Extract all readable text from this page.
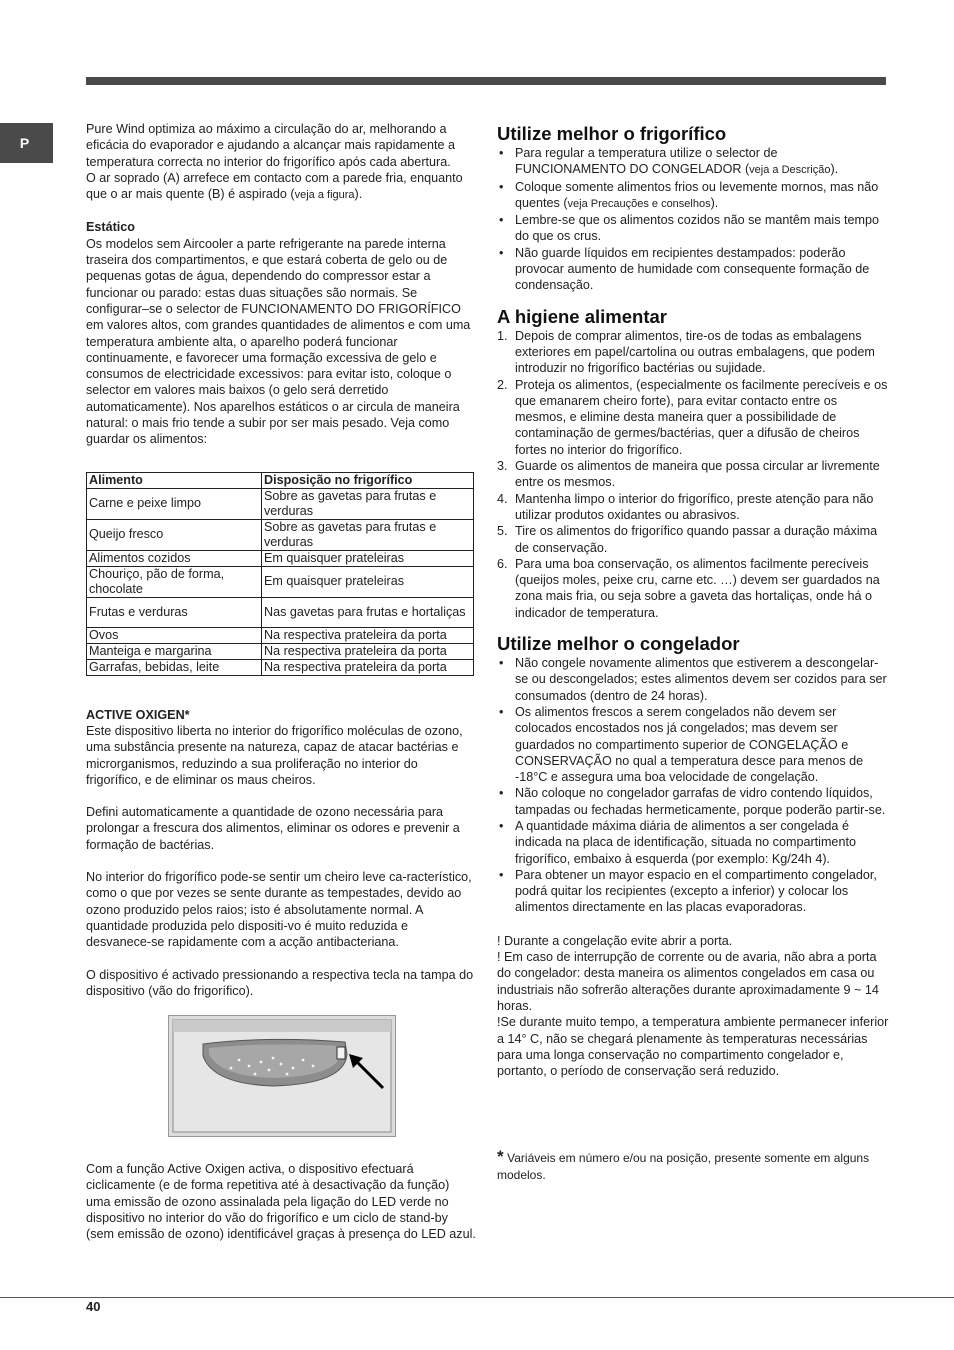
P

Pure Wind optimiza ao máximo a circulação do ar, melhorando a eficácia do evaporador e ajudando a alcançar mais rapidamente a temperatura correcta no interior do frigorífico após cada abertura.

O ar soprado (A) arrefece em contacto com a parede fria, enquanto que o ar mais quente (B) é aspirado (veja a figura).

Estático

Os modelos sem Aircooler a parte refrigerante na parede interna traseira dos compartimentos, e que estará coberta de gelo ou de pequenas gotas de água, dependendo do compressor estar a funcionar ou parado: estas duas situações são normais. Se configurar–se o selector de FUNCIONAMENTO DO FRIGORÍFICO em valores altos, com grandes quantidades de alimentos e com uma temperatura ambiente alta, o aparelho poderá funcionar continuamente, e favorecer uma formação excessiva de gelo e consumos de electricidade excessivos: para evitar isto, coloque o selector em valores mais baixos (o gelo será derretido automaticamente). Nos aparelhos estáticos o ar circula de maneira natural: o mais frio tende a subir por ser mais pesado. Veja como guardar os alimentos:

Alimento	Disposição no frigorífico
Carne e peixe limpo	Sobre as gavetas para frutas e verduras
Queijo fresco	Sobre as gavetas para frutas e verduras
Alimentos cozidos	Em quaisquer prateleiras
Chouriço, pão de forma, chocolate	Em quaisquer prateleiras
Frutas e verduras	Nas gavetas para frutas e hortaliças
Ovos	Na respectiva prateleira da porta
Manteiga e margarina	Na respectiva prateleira da porta
Garrafas, bebidas, leite	Na respectiva prateleira da porta

ACTIVE OXIGEN*

Este dispositivo liberta no interior do frigorífico moléculas de ozono, uma substância presente na natureza, capaz de atacar bactérias e microrganismos, reduzindo a sua proliferação no interior do frigorífico, e de eliminar os maus cheiros.

Defini automaticamente a quantidade de ozono necessária para prolongar a frescura dos alimentos, eliminar os odores e prevenir a formação de bactérias.

No interior do frigorífico pode-se sentir um cheiro leve ca-racterístico, como o que por vezes se sente durante as tempestades, devido ao ozono produzido pelos raios; isto é absolutamente normal. A quantidade produzida pelo dispositi-vo é muito reduzida e desvanece-se rapidamente com a acção antibacteriana.

O dispositivo é activado pressionando a respectiva tecla na tampa do dispositivo (vão do frigorífico).

Com a função Active Oxigen activa, o dispositivo efectuará ciclicamente (e de forma repetitiva até à desactivação da função) uma emissão de ozono assinalada pela ligação do LED verde no dispositivo no interior do vão do frigorífico e um ciclo de stand-by (sem emissão de ozono) identificável graças à presença do LED azul.

Utilize melhor o frigorífico
• Para regular a temperatura utilize o selector de FUNCIONAMENTO DO CONGELADOR (veja a Descrição).
• Coloque somente alimentos frios ou levemente mornos, mas não quentes (veja Precauções e conselhos).
• Lembre-se que os alimentos cozidos não se mantêm mais tempo do que os crus.
• Não guarde líquidos em recipientes destampados: poderão provocar aumento de humidade com consequente formação de condensação.
A higiene alimentar
1. Depois de comprar alimentos, tire-os de todas as embalagens exteriores em papel/cartolina ou outras embalagens, que podem introduzir no frigorífico bactérias ou sujidade.
2. Proteja os alimentos, (especialmente os facilmente perecíveis e os que emanarem cheiro forte), para evitar contacto entre os mesmos, e elimine desta maneira quer a possibilidade de contaminação de germes/bactérias, quer a difusão de cheiros fortes no interior do frigorífico.
3. Guarde os alimentos de maneira que possa circular ar livremente entre os mesmos.
4. Mantenha limpo o interior do frigorífico, preste atenção para não utilizar produtos oxidantes ou abrasivos.
5. Tire os alimentos do frigorífico quando passar a duração máxima de conservação.
6. Para uma boa conservação, os alimentos facilmente perecíveis (queijos moles, peixe cru, carne etc. …) devem ser guardados na zona mais fria, ou seja sobre a gaveta das hortaliças, onde há o indicador de temperatura.
Utilize melhor o congelador
• Não congele novamente alimentos que estiverem a descongelar-se ou descongelados; estes alimentos devem ser cozidos para ser consumados (dentro de 24 horas).
• Os alimentos frescos a serem congelados não devem ser colocados encostados nos já congelados; mas devem ser guardados no compartimento superior de CONGELAÇÃO e CONSERVAÇÃO no qual a temperatura desce para menos de -18°C e assegura uma boa velocidade de congelação.
• Não coloque no congelador garrafas de vidro contendo líquidos, tampadas ou fechadas hermeticamente, porque poderão partir-se.
• A quantidade máxima diária de alimentos a ser congelada é indicada na placa de identificação, situada no compartimento frigorífico, embaixo à esquerda (por exemplo: Kg/24h 4).
• Para obtener un mayor espacio en el compartimento congelador, podrá quitar los recipientes (excepto a inferior) y colocar los alimentos directamente en las placas evaporadoras.

! Durante a congelação evite abrir a porta.

! Em caso de interrupção de corrente ou de avaria, não abra a porta do congelador: desta maneira os alimentos congelados em casa ou industriais não sofrerão alterações durante aproximadamente 9 ~ 14 horas.

!Se durante muito tempo, a temperatura ambiente permanecer inferior a 14° C, não se chegará plenamente às temperaturas necessárias para uma longa conservação no compartimento congelador e, portanto, o período de conservação será reduzido.

* Variáveis em número e/ou na posição, presente somente em alguns modelos.

40
